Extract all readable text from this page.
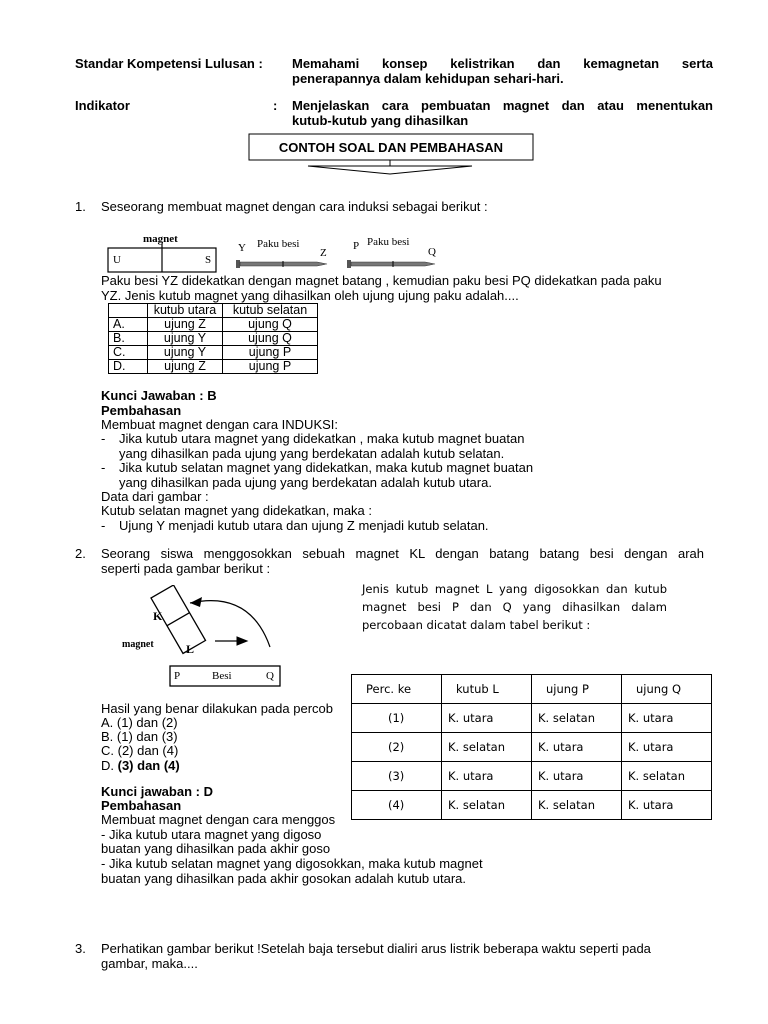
Standar Kompetensi Lulusan : Memahami konsep kelistrikan dan kemagnetan serta
penerapannya dalam kehidupan sehari-hari.
Indikator	: Menjelaskan cara pembuatan magnet dan atau menentukan
kutub-kutub yang dihasilkan
CONTOH SOAL DAN PEMBAHASAN
1. Seseorang membuat magnet dengan cara induksi sebagai berikut :
magnet
U	S
Y Paku besi
Z
P Paku besi
Q
Paku besi YZ didekatkan dengan magnet batang , kemudian paku besi PQ didekatkan pada paku
YZ. Jenis kutub magnet yang dihasilkan oleh ujung ujung paku adalah....
	kutub utara	kutub selatan
A.	ujung Z	ujung Q
B.	ujung Y	ujung Q
C.	ujung Y	ujung P
D.	ujung Z	ujung P
Kunci Jawaban : B
Pembahasan
Membuat magnet dengan cara INDUKSI:
- Jika kutub utara magnet yang didekatkan , maka kutub magnet buatan
yang dihasilkan pada ujung yang berdekatan adalah kutub selatan.
- Jika kutub selatan magnet yang didekatkan, maka kutub magnet buatan
yang dihasilkan pada ujung yang berdekatan adalah kutub utara.
Data dari gambar :
Kutub selatan magnet yang didekatkan, maka :
- Ujung Y menjadi kutub utara dan ujung Z menjadi kutub selatan.
2. Seorang siswa menggosokkan sebuah magnet KL dengan batang batang besi dengan arah
seperti pada gambar berikut :
K
L
magnet
P	Besi	Q
Jenis kutub magnet L yang digosokkan dan kutub
magnet besi P dan Q yang dihasilkan dalam
percobaan dicatat dalam tabel berikut :
Perc. ke	kutub L	ujung P	ujung Q
(1)	K. utara	K. selatan	K. utara
(2)	K. selatan	K. utara	K. utara
(3)	K. utara	K. utara	K. selatan
(4)	K. selatan	K. selatan	K. utara
Hasil yang benar dilakukan pada percob
A. (1) dan (2)
B. (1) dan (3)
C. (2) dan (4)
D. (3) dan (4)
Kunci jawaban : D
Pembahasan
Membuat magnet dengan cara menggos
- Jika kutub utara magnet yang digoso
buatan yang dihasilkan pada akhir goso
- Jika kutub selatan magnet yang digosokkan, maka kutub magnet
buatan yang dihasilkan pada akhir gosokan adalah kutub utara.
3. Perhatikan gambar berikut !Setelah baja tersebut dialiri arus listrik beberapa waktu seperti pada
gambar, maka....
